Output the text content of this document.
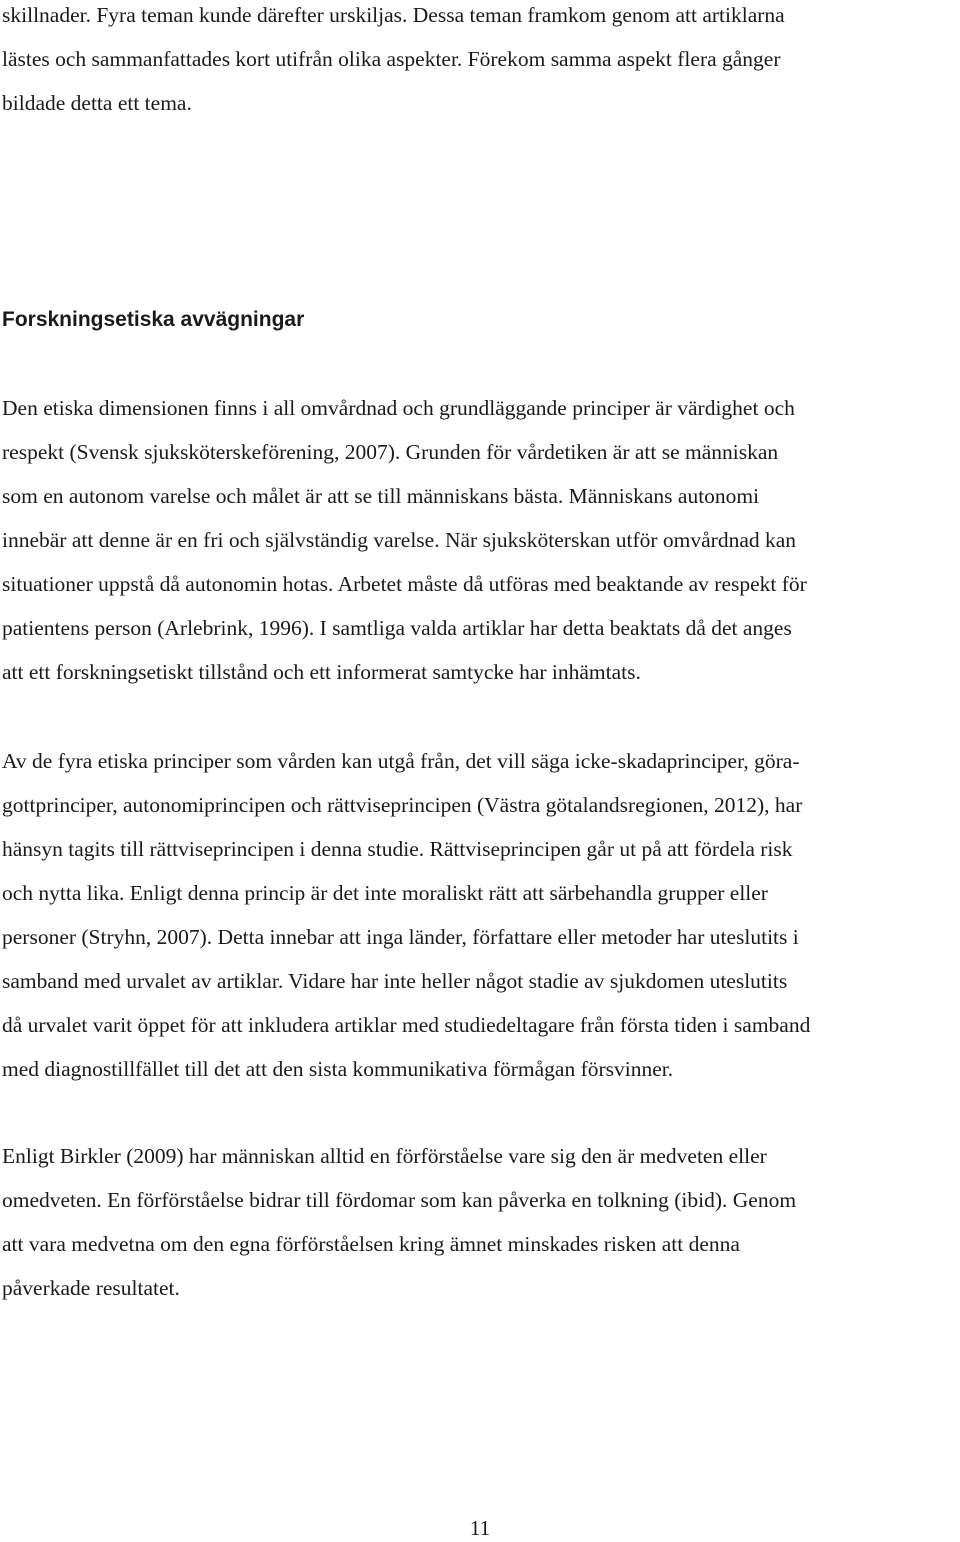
skillnader. Fyra teman kunde därefter urskiljas. Dessa teman framkom genom att artiklarna
lästes och sammanfattades kort utifrån olika aspekter. Förekom samma aspekt flera gånger
bildade detta ett tema.

Forskningsetiska avvägningar

Den etiska dimensionen finns i all omvårdnad och grundläggande principer är värdighet och
respekt (Svensk sjuksköterskeförening, 2007). Grunden för vårdetiken är att se människan
som en autonom varelse och målet är att se till människans bästa. Människans autonomi
innebär att denne är en fri och självständig varelse. När sjuksköterskan utför omvårdnad kan
situationer uppstå då autonomin hotas. Arbetet måste då utföras med beaktande av respekt för
patientens person (Arlebrink, 1996). I samtliga valda artiklar har detta beaktats då det anges
att ett forskningsetiskt tillstånd och ett informerat samtycke har inhämtats.

Av de fyra etiska principer som vården kan utgå från, det vill säga icke-skadaprinciper, göra-
gottprinciper, autonomiprincipen och rättviseprincipen (Västra götalandsregionen, 2012), har
hänsyn tagits till rättviseprincipen i denna studie. Rättviseprincipen går ut på att fördela risk
och nytta lika. Enligt denna princip är det inte moraliskt rätt att särbehandla grupper eller
personer (Stryhn, 2007). Detta innebar att inga länder, författare eller metoder har uteslutits i
samband med urvalet av artiklar. Vidare har inte heller något stadie av sjukdomen uteslutits
då urvalet varit öppet för att inkludera artiklar med studiedeltagare från första tiden i samband
med diagnostillfället till det att den sista kommunikativa förmågan försvinner.

Enligt Birkler (2009) har människan alltid en förförståelse vare sig den är medveten eller
omedveten. En förförståelse bidrar till fördomar som kan påverka en tolkning (ibid). Genom
att vara medvetna om den egna förförståelsen kring ämnet minskades risken att denna
påverkade resultatet.

11
